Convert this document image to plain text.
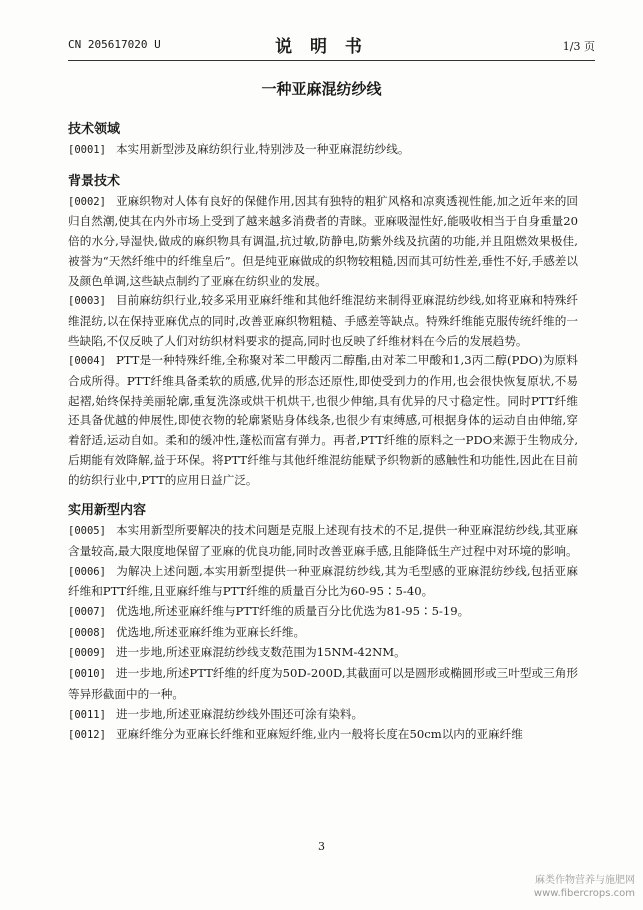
CN 205617020 U	说 明 书	1/3 页
一种亚麻混纺纱线
技术领域

[0001] 本实用新型涉及麻纺织行业,特别涉及一种亚麻混纺纱线。

背景技术

[0002] 亚麻织物对人体有良好的保健作用,因其有独特的粗犷风格和凉爽透视性能,加之近年来的回归自然潮,使其在内外市场上受到了越来越多消费者的青睐。亚麻吸湿性好,能吸收相当于自身重量20倍的水分,导湿快,做成的麻织物具有调温,抗过敏,防静电,防紫外线及抗菌的功能,并且阻燃效果极佳,被誉为“天然纤维中的纤维皇后”。但是纯亚麻做成的织物较粗糙,因而其可纺性差,垂性不好,手感差以及颜色单调,这些缺点制约了亚麻在纺织业的发展。

[0003] 目前麻纺织行业,较多采用亚麻纤维和其他纤维混纺来制得亚麻混纺纱线,如将亚麻和特殊纤维混纺,以在保持亚麻优点的同时,改善亚麻织物粗糙、手感差等缺点。特殊纤维能克服传统纤维的一些缺陷,不仅反映了人们对纺织材料要求的提高,同时也反映了纤维材料在今后的发展趋势。

[0004] PTT是一种特殊纤维,全称聚对苯二甲酸丙二醇酯,由对苯二甲酸和1,3丙二醇(PDO)为原料合成所得。PTT纤维具备柔软的质感,优异的形态还原性,即使受到力的作用,也会很快恢复原状,不易起褶,始终保持美丽轮廓,重复洗涤或烘干机烘干,也很少伸缩,具有优异的尺寸稳定性。同时PTT纤维还具备优越的伸展性,即使衣物的轮廓紧贴身体线条,也很少有束缚感,可根据身体的运动自由伸缩,穿着舒适,运动自如。柔和的缓冲性,蓬松而富有弹力。再者,PTT纤维的原料之一PDO来源于生物成分,后期能有效降解,益于环保。将PTT纤维与其他纤维混纺能赋予织物新的感触性和功能性,因此在目前的纺织行业中,PTT的应用日益广泛。

实用新型内容

[0005] 本实用新型所要解决的技术问题是克服上述现有技术的不足,提供一种亚麻混纺纱线,其亚麻含量较高,最大限度地保留了亚麻的优良功能,同时改善亚麻手感,且能降低生产过程中对环境的影响。

[0006] 为解决上述问题,本实用新型提供一种亚麻混纺纱线,其为毛型感的亚麻混纺纱线,包括亚麻纤维和PTT纤维,且亚麻纤维与PTT纤维的质量百分比为60-95∶5-40。

[0007] 优选地,所述亚麻纤维与PTT纤维的质量百分比优选为81-95∶5-19。

[0008] 优选地,所述亚麻纤维为亚麻长纤维。

[0009] 进一步地,所述亚麻混纺纱线支数范围为15NM-42NM。

[0010] 进一步地,所述PTT纤维的纤度为50D-200D,其截面可以是圆形或椭圆形或三叶型或三角形等异形截面中的一种。

[0011] 进一步地,所述亚麻混纺纱线外围还可涂有染料。

[0012] 亚麻纤维分为亚麻长纤维和亚麻短纤维,业内一般将长度在50cm以内的亚麻纤维

3
麻类作物营养与施肥网
www.fibercrops.com
